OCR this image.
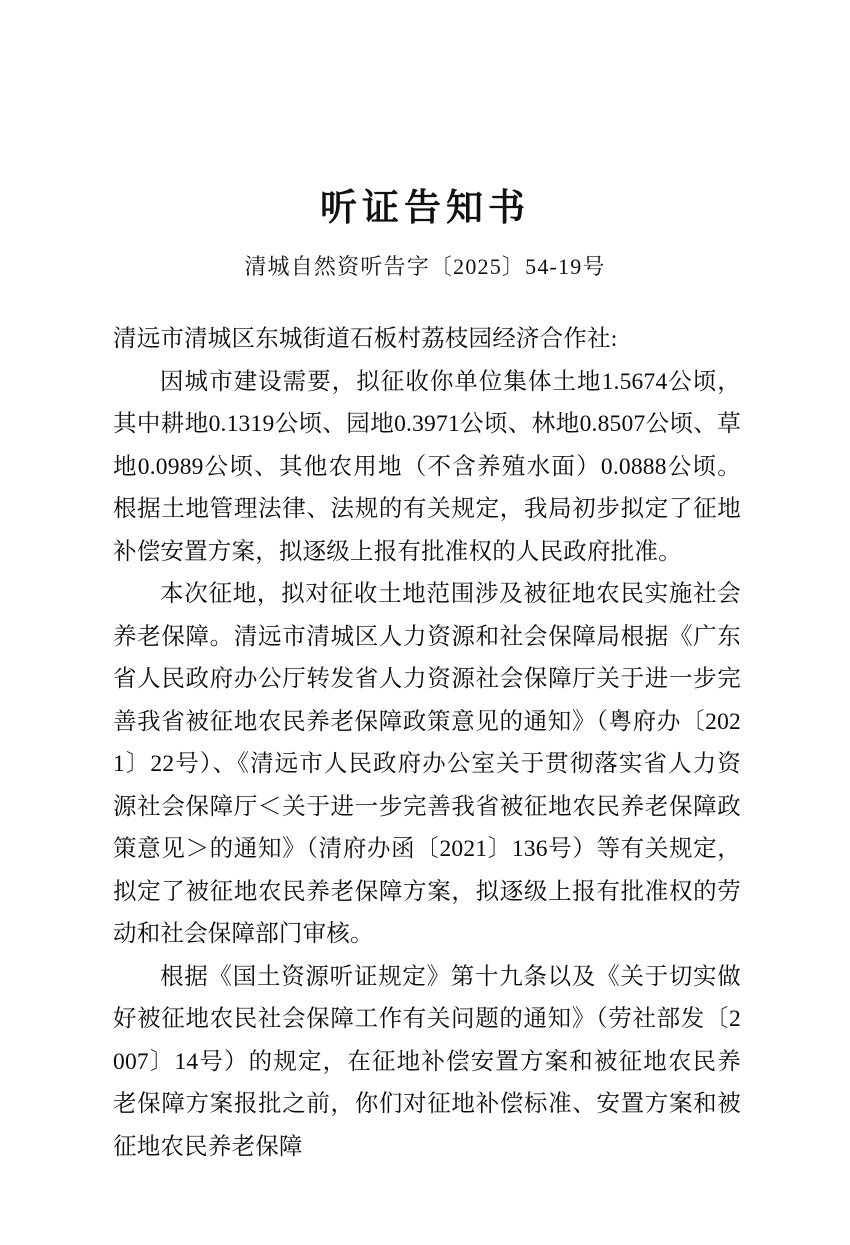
听证告知书
清城自然资听告字〔2025〕54-19号

清远市清城区东城街道石板村荔枝园经济合作社:

因城市建设需要，拟征收你单位集体土地1.5674公顷，其中耕地0.1319公顷、园地0.3971公顷、林地0.8507公顷、草地0.0989公顷、其他农用地（不含养殖水面）0.0888公顷。根据土地管理法律、法规的有关规定，我局初步拟定了征地补偿安置方案，拟逐级上报有批准权的人民政府批准。

本次征地，拟对征收土地范围涉及被征地农民实施社会养老保障。清远市清城区人力资源和社会保障局根据《广东省人民政府办公厅转发省人力资源社会保障厅关于进一步完善我省被征地农民养老保障政策意见的通知》（粤府办〔2021〕22号）、《清远市人民政府办公室关于贯彻落实省人力资源社会保障厅＜关于进一步完善我省被征地农民养老保障政策意见＞的通知》（清府办函〔2021〕136号）等有关规定，拟定了被征地农民养老保障方案，拟逐级上报有批准权的劳动和社会保障部门审核。

根据《国土资源听证规定》第十九条以及《关于切实做好被征地农民社会保障工作有关问题的通知》（劳社部发〔2007〕14号）的规定，在征地补偿安置方案和被征地农民养老保障方案报批之前，你们对征地补偿标准、安置方案和被征地农民养老保障
